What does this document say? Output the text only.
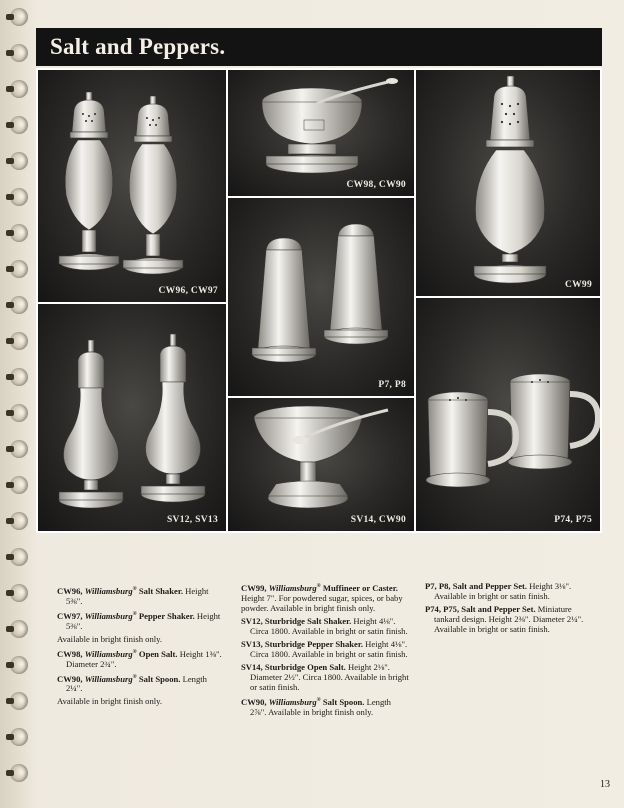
Salt and Peppers.
CW96, CW97
CW98, CW90
CW99
P7, P8
SV12, SV13	SV14, CW90	P74, P75
CW96, Williamsburg® Salt Shaker. Height
5⅜".
CW97, Williamsburg® Pepper Shaker. Height
5⅜".
Available in bright finish only.
CW98, Williamsburg® Open Salt. Height 1⅜".
Diameter 2¾".
CW90, Williamsburg® Salt Spoon. Length
2¼".
Available in bright finish only.
CW99, Williamsburg® Muffineer or Caster. Height 7". For powdered sugar, spices, or baby powder. Available in bright finish only.
SV12, Sturbridge Salt Shaker. Height 4⅛".
Circa 1800. Available in bright or satin finish.
SV13, Sturbridge Pepper Shaker. Height 4⅛".
Circa 1800. Available in bright or satin finish.
SV14, Sturbridge Open Salt. Height 2⅛".
Diameter 2½". Circa 1800. Available in bright or satin finish.
CW90, Williamsburg® Salt Spoon. Length
2⅞". Available in bright finish only.
P7, P8, Salt and Pepper Set. Height 3⅛".
Available in bright or satin finish.
P74, P75, Salt and Pepper Set. Miniature
tankard design. Height 2⅜". Diameter 2¼". Available in bright or satin finish.
13
